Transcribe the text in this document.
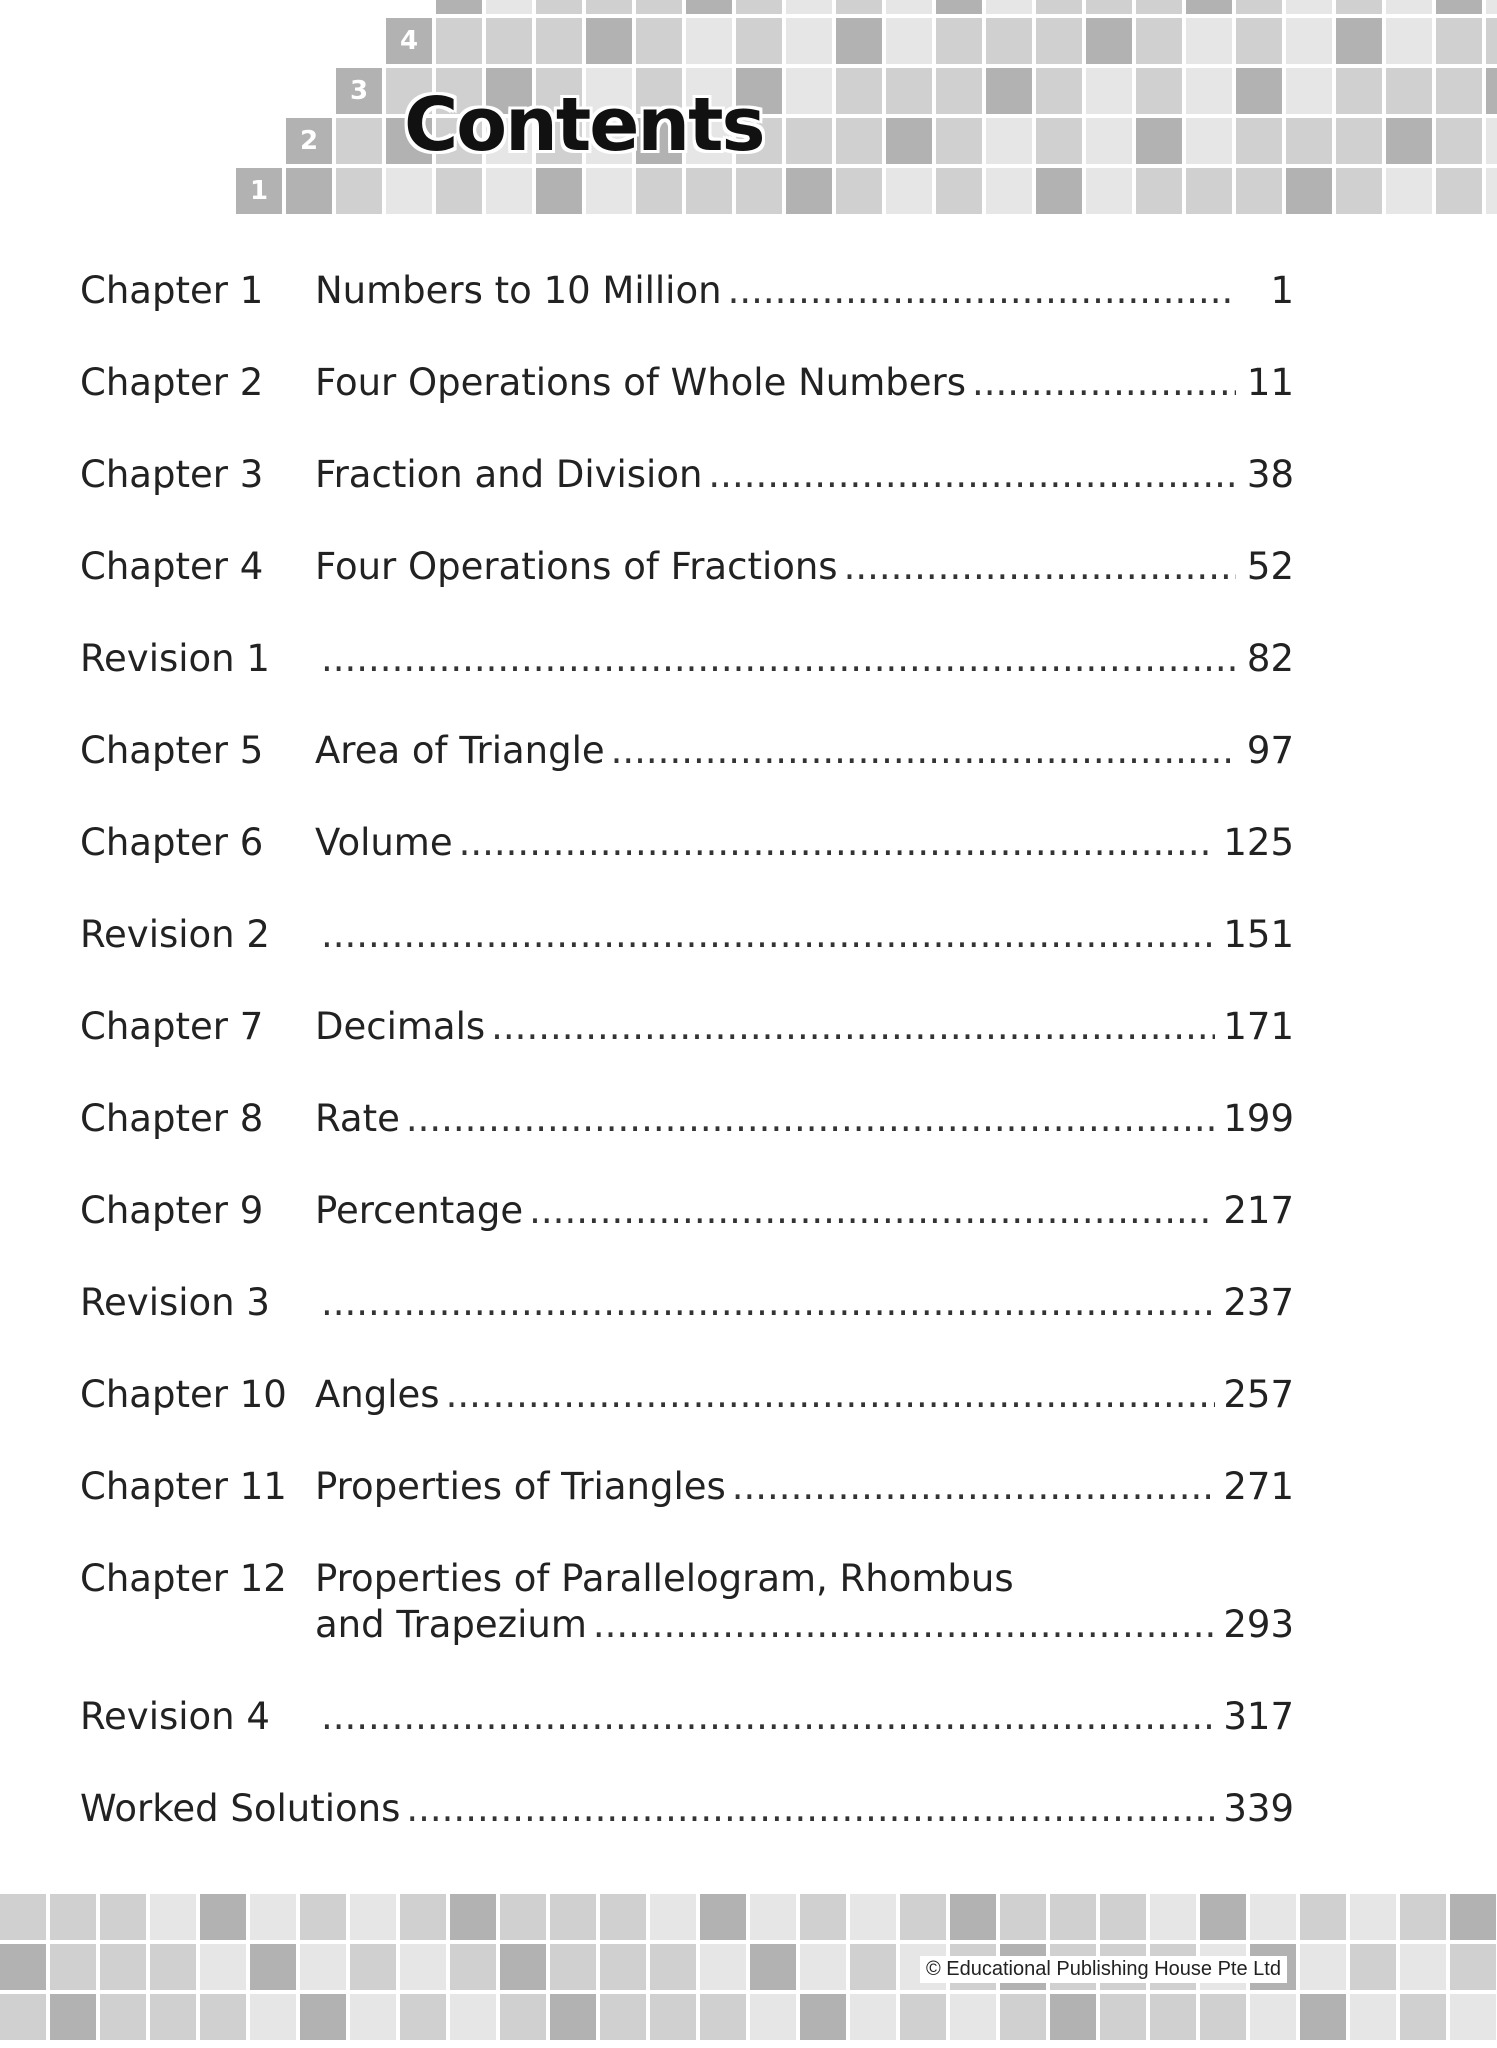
1
2
3
4
Contents
Chapter 1 Numbers to 10 Million .....	1
Chapter 2 Four Operations of Whole Numbers .....	11
Chapter 3 Fraction and Division .....	38
Chapter 4 Four Operations of Fractions .....	52
Revision 1 .....	82
Chapter 5 Area of Triangle .....	97
Chapter 6 Volume .....	125
Revision 2 .....	151
Chapter 7 Decimals .....	171
Chapter 8 Rate .....	199
Chapter 9 Percentage .....	217
Revision 3 .....	237
Chapter 10 Angles .....	257
Chapter 11 Properties of Triangles .....	271
Chapter 12 Properties of Parallelogram, Rhombus
and Trapezium .....	293
Revision 4 .....	317
Worked Solutions .....	339
© Educational Publishing House Pte Ltd
